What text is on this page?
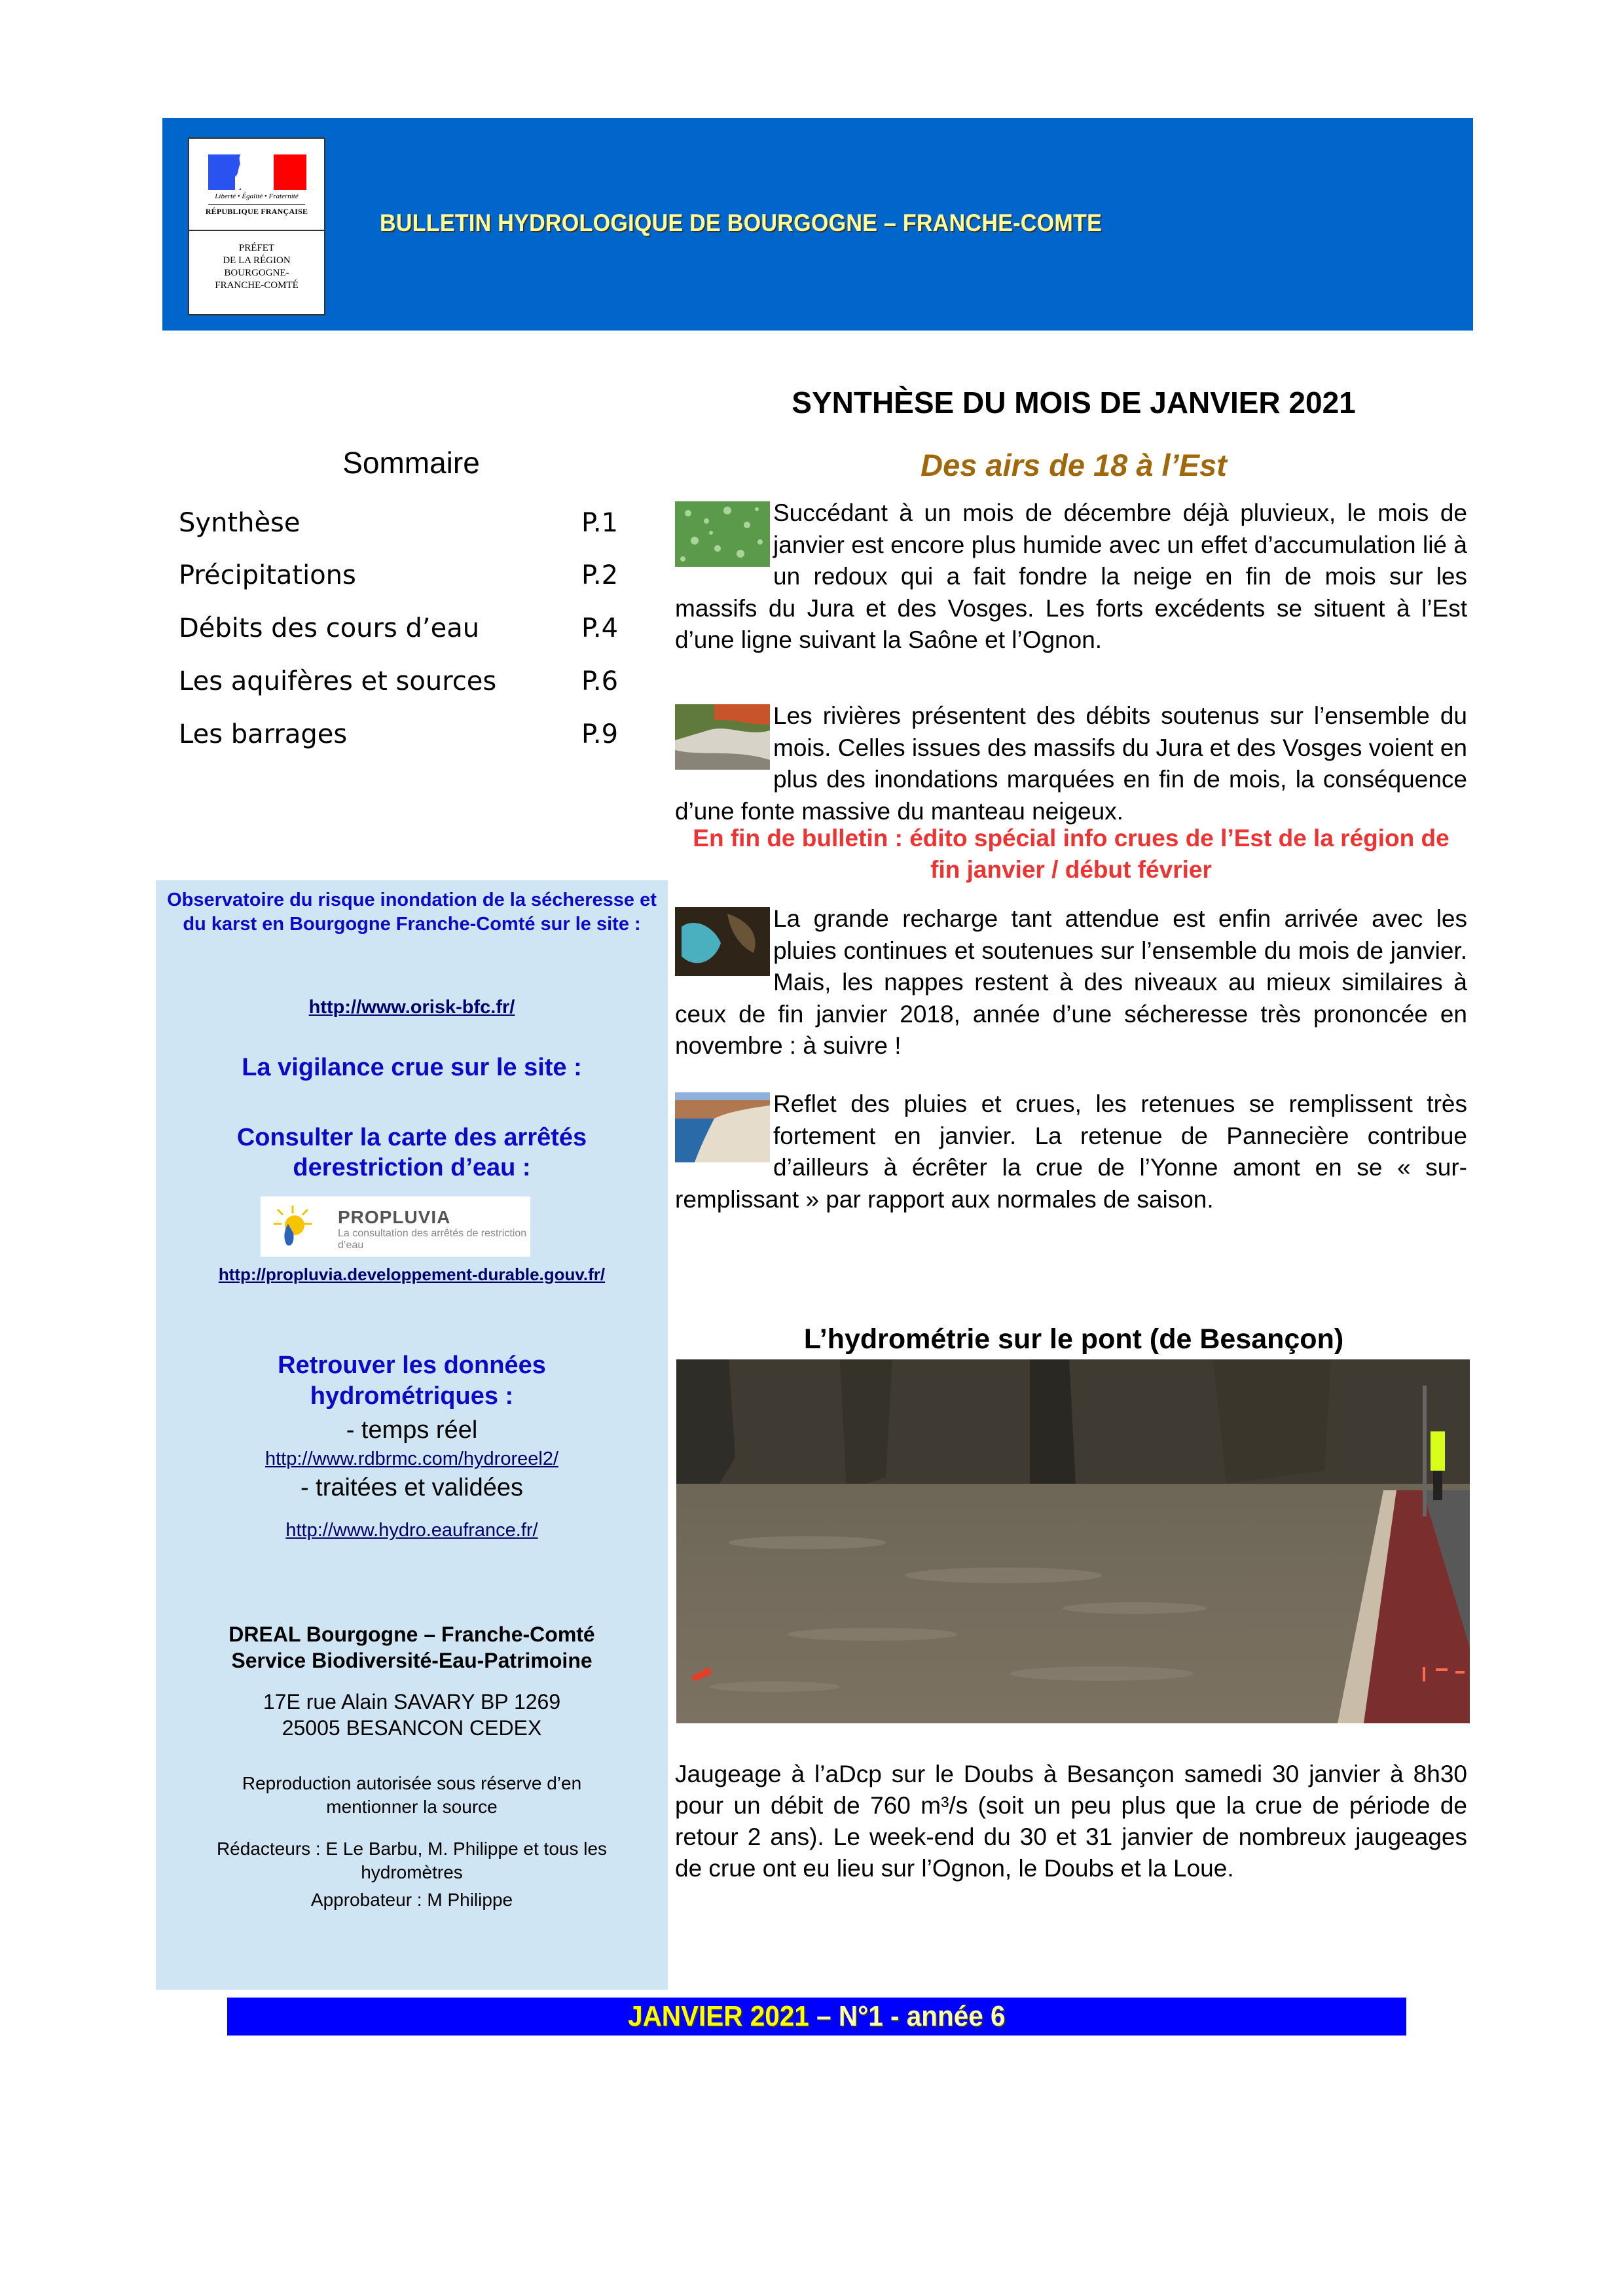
Liberté • Égalité • Fraternité
RÉPUBLIQUE FRANÇAISE
PRÉFET
DE LA RÉGION
BOURGOGNE-
FRANCHE-COMTÉ
BULLETIN HYDROLOGIQUE DE BOURGOGNE – FRANCHE-COMTE
Sommaire
Synthèse	P.1
Précipitations	P.2
Débits des cours d’eau	P.4
Les aquifères et sources	P.6
Les barrages	P.9
SYNTHÈSE DU MOIS DE JANVIER 2021
Des airs de 18 à l’Est
Succédant à un mois de décembre déjà pluvieux, le mois de janvier est encore plus humide avec un effet d’accumulation lié à un redoux qui a fait fondre la neige en fin de mois sur les massifs du Jura et des Vosges. Les forts excédents se situent à l’Est d’une ligne suivant la Saône et l’Ognon.
Les rivières présentent des débits soutenus sur l’ensemble du mois. Celles issues des massifs du Jura et des Vosges voient en plus des inondations marquées en fin de mois, la conséquence d’une fonte massive du manteau neigeux.
En fin de bulletin : édito spécial info crues de l’Est de la région de fin janvier / début février
La grande recharge tant attendue est enfin arrivée avec les pluies continues et soutenues sur l’ensemble du mois de janvier. Mais, les nappes restent à des niveaux au mieux similaires à ceux de fin janvier 2018, année d’une sécheresse très prononcée en novembre : à suivre !
Reflet des pluies et crues, les retenues se remplissent très fortement en janvier. La retenue de Pannecіère contribue d’ailleurs à écrêter la crue de l’Yonne amont en se « sur-remplissant » par rapport aux normales de saison.
Observatoire du risque inondation de la sécheresse et du karst en Bourgogne Franche-Comté sur le site :
http://www.orisk-bfc.fr/
La vigilance crue sur le site :
Consulter la carte des arrêtés derestriction d’eau :
PROPLUVIA
La consultation des arrêtés de restriction d’eau
http://propluvia.developpement-durable.gouv.fr/
Retrouver les données hydrométriques :
- temps réel
http://www.rdbrmc.com/hydroreel2/
- traitées et validées
http://www.hydro.eaufrance.fr/
DREAL Bourgogne – Franche-Comté
Service Biodiversité-Eau-Patrimoine
17E rue Alain SAVARY BP 1269
25005 BESANCON CEDEX
Reproduction autorisée sous réserve d’en mentionner la source
Rédacteurs : E Le Barbu, M. Philippe et tous les hydromètres
Approbateur : M Philippe
L’hydrométrie sur le pont (de Besançon)
Jaugeage à l’aDcp sur le Doubs à Besançon samedi 30 janvier à 8h30 pour un débit de 760 m³/s (soit un peu plus que la crue de période de retour 2 ans). Le week-end du 30 et 31 janvier de nombreux jaugeages de crue ont eu lieu sur l’Ognon, le Doubs et la Loue.
JANVIER 2021 – N°1 - année 6
